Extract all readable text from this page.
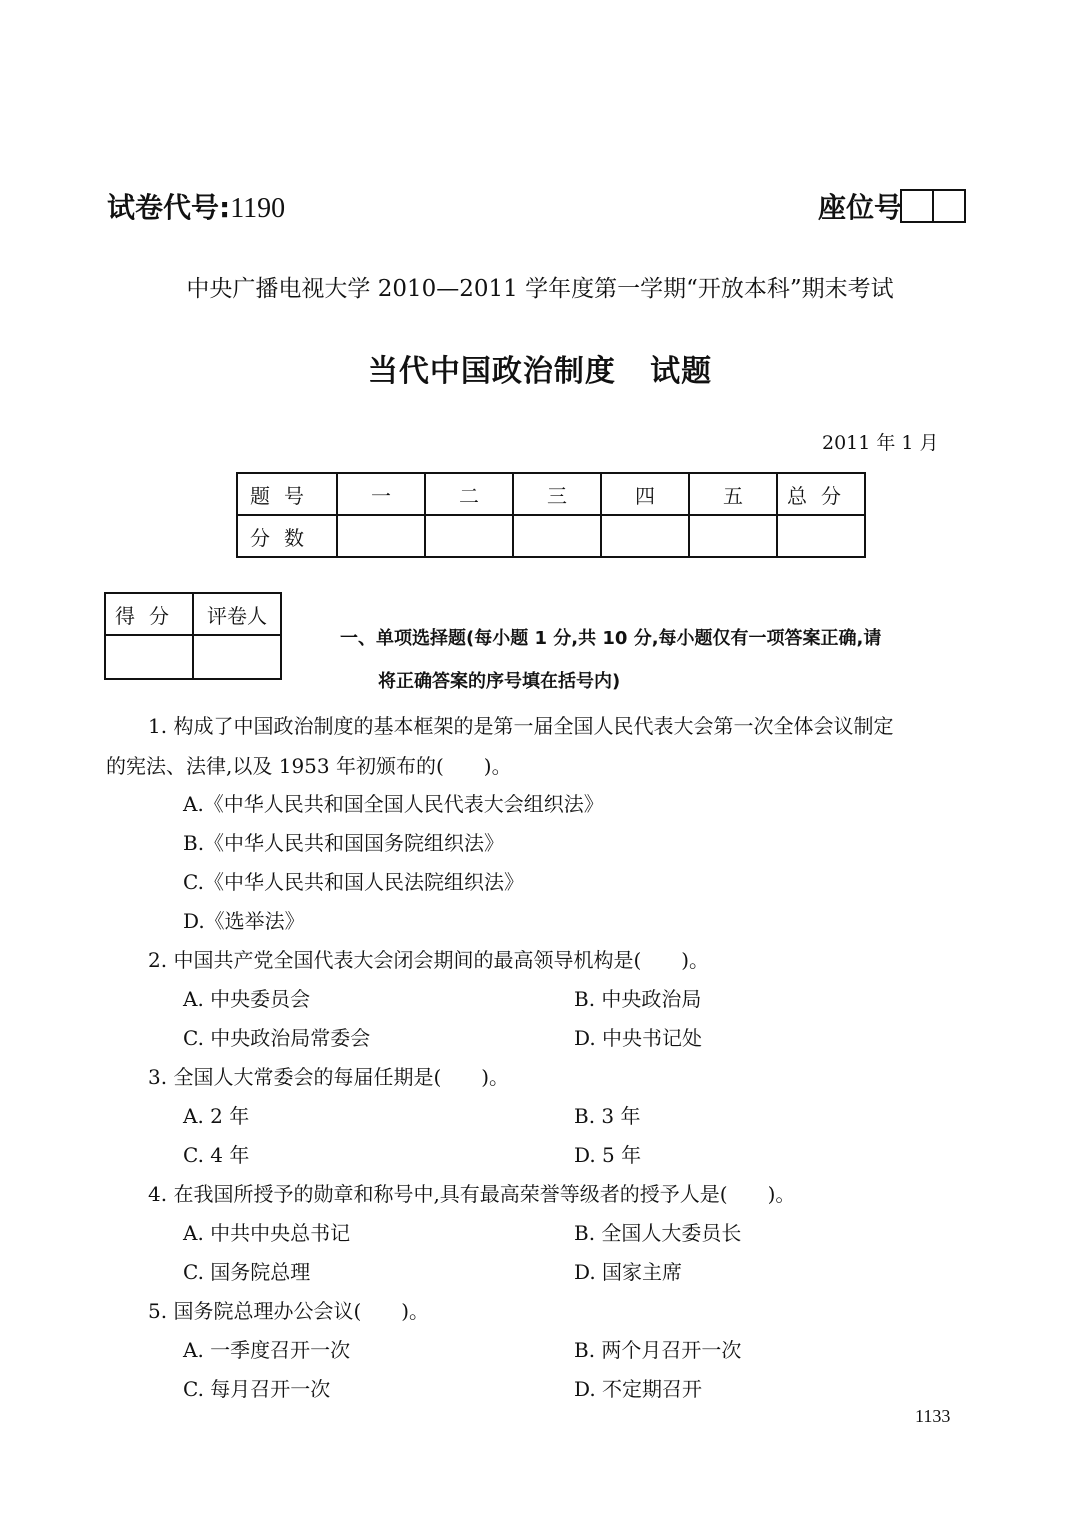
试卷代号:1190	座位号
中央广播电视大学 2010—2011 学年度第一学期“开放本科”期末考试
当代中国政治制度   试题
2011 年 1 月
题号	一	二	三	四	五	总分
分数						
得分	评卷人

一、单项选择题(每小题 1 分,共 10 分,每小题仅有一项答案正确,请
将正确答案的序号填在括号内)
1. 构成了中国政治制度的基本框架的是第一届全国人民代表大会第一次全体会议制定
的宪法、法律,以及 1953 年初颁布的(　　)。
A.《中华人民共和国全国人民代表大会组织法》
B.《中华人民共和国国务院组织法》
C.《中华人民共和国人民法院组织法》
D.《选举法》
2. 中国共产党全国代表大会闭会期间的最高领导机构是(　　)。
A. 中央委员会	B. 中央政治局
C. 中央政治局常委会	D. 中央书记处
3. 全国人大常委会的每届任期是(　　)。
A. 2 年	B. 3 年
C. 4 年	D. 5 年
4. 在我国所授予的勋章和称号中,具有最高荣誉等级者的授予人是(　　)。
A. 中共中央总书记	B. 全国人大委员长
C. 国务院总理	D. 国家主席
5. 国务院总理办公会议(　　)。
A. 一季度召开一次	B. 两个月召开一次
C. 每月召开一次	D. 不定期召开
1133
